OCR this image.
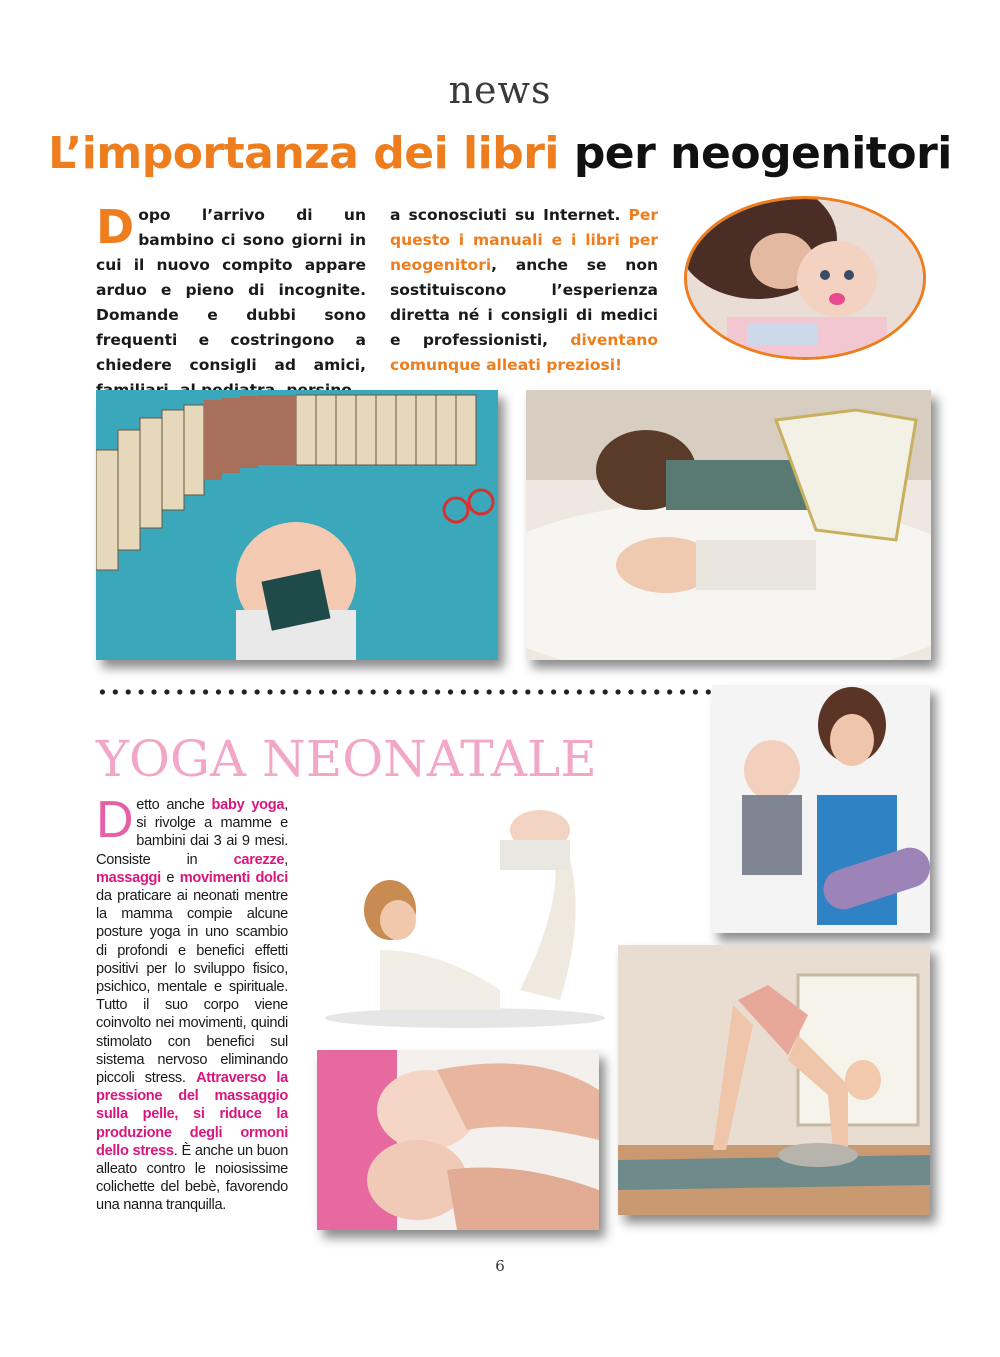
news
L’importanza dei libri per neogenitori
Dopo l’arrivo di un bambino ci sono giorni in cui il nuovo compito appare arduo e pieno di incognite. Domande e dubbi sono frequenti e costringono a chiedere consigli ad amici,
a sconosciuti su Internet. Per questo i manuali e i libri per neogenitori, anche se non sostituiscono l’esperienza diretta né i consigli di medici e professionisti, diventano comunque alleati preziosi!
YOGA NEONATALE
Detto anche baby yoga, si rivolge a mamme e bambini dai 3 ai 9 mesi. Consiste in carezze, massaggi e movimenti dolci da praticare ai neonati mentre la mamma compie alcune posture yoga in uno scambio di profondi e benefici effetti positivi per lo sviluppo fisico, psichico, mentale e spirituale. Tutto il suo corpo viene coinvolto nei movimenti, quindi stimolato con benefici sul sistema nervoso eliminando piccoli stress. Attraverso la pressione del massaggio sulla pelle, si riduce la produzione degli ormoni dello stress. È anche un buon alleato contro le noiosissime colichette del bebè, favorendo una nanna tranquilla.
6
